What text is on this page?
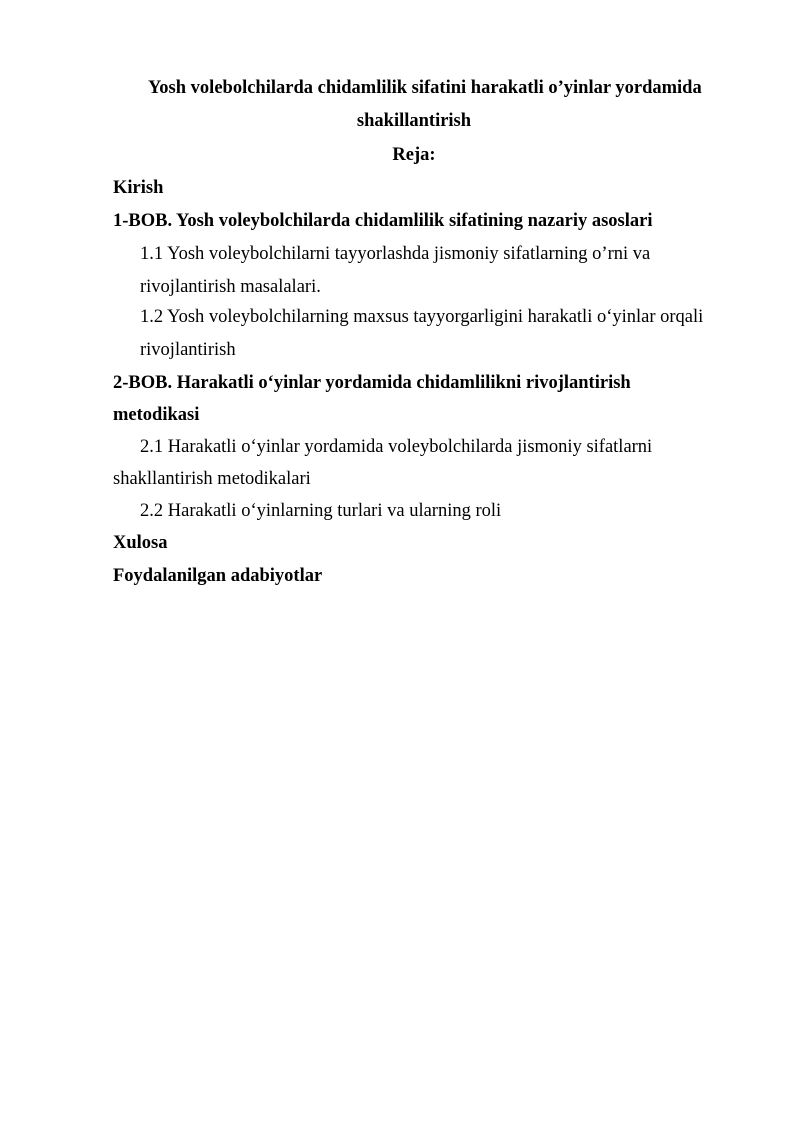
Yosh volebolchilarda chidamlilik sifatini harakatli o’yinlar yordamida
shakillantirish
Reja:
Kirish
1-BOB. Yosh voleybolchilarda chidamlilik sifatining nazariy asoslari
1.1 Yosh voleybolchilarni tayyorlashda jismoniy sifatlarning o’rni va
rivojlantirish masalalari.
1.2 Yosh voleybolchilarning maxsus tayyorgarligini harakatli o‘yinlar orqali
rivojlantirish
2-BOB. Harakatli o‘yinlar yordamida chidamlilikni rivojlantirish
metodikasi
2.1 Harakatli o‘yinlar yordamida voleybolchilarda jismoniy sifatlarni
shakllantirish metodikalari
2.2 Harakatli o‘yinlarning turlari va ularning roli
Xulosa
Foydalanilgan adabiyotlar
